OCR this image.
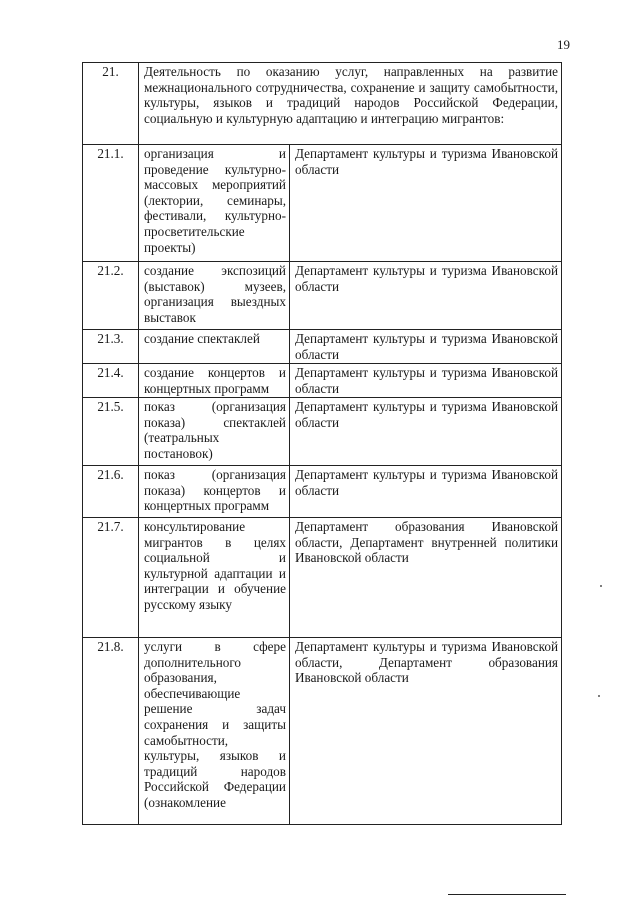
19
21.	Деятельность по оказанию услуг, направленных на развитие межнационального сотрудничества, сохранение и защиту самобытности, культуры, языков и традиций народов Российской Федерации, социальную и культурную адаптацию и интеграцию мигрантов:	
21.1.	организация и проведение культурно-массовых мероприятий (лектории, семинары, фестивали, культурно-просветительские проекты)	Департамент культуры и туризма Ивановской области
21.2.	создание экспозиций (выставок) музеев, организация выездных выставок	Департамент культуры и туризма Ивановской области
21.3.	создание спектаклей	Департамент культуры и туризма Ивановской области
21.4.	создание концертов и концертных программ	Департамент культуры и туризма Ивановской области
21.5.	показ (организация показа) спектаклей (театральных постановок)	Департамент культуры и туризма Ивановской области
21.6.	показ (организация показа) концертов и концертных программ	Департамент культуры и туризма Ивановской области
21.7.	консультирование мигрантов в целях социальной и культурной адаптации и интеграции и обучение русскому языку	Департамент образования Ивановской области, Департамент внутренней политики Ивановской области
21.8.	услуги в сфере дополнительного образования, обеспечивающие решение задач сохранения и защиты самобытности, культуры, языков и традиций народов Российской Федерации (ознакомление	Департамент культуры и туризма Ивановской области, Департамент образования Ивановской области
